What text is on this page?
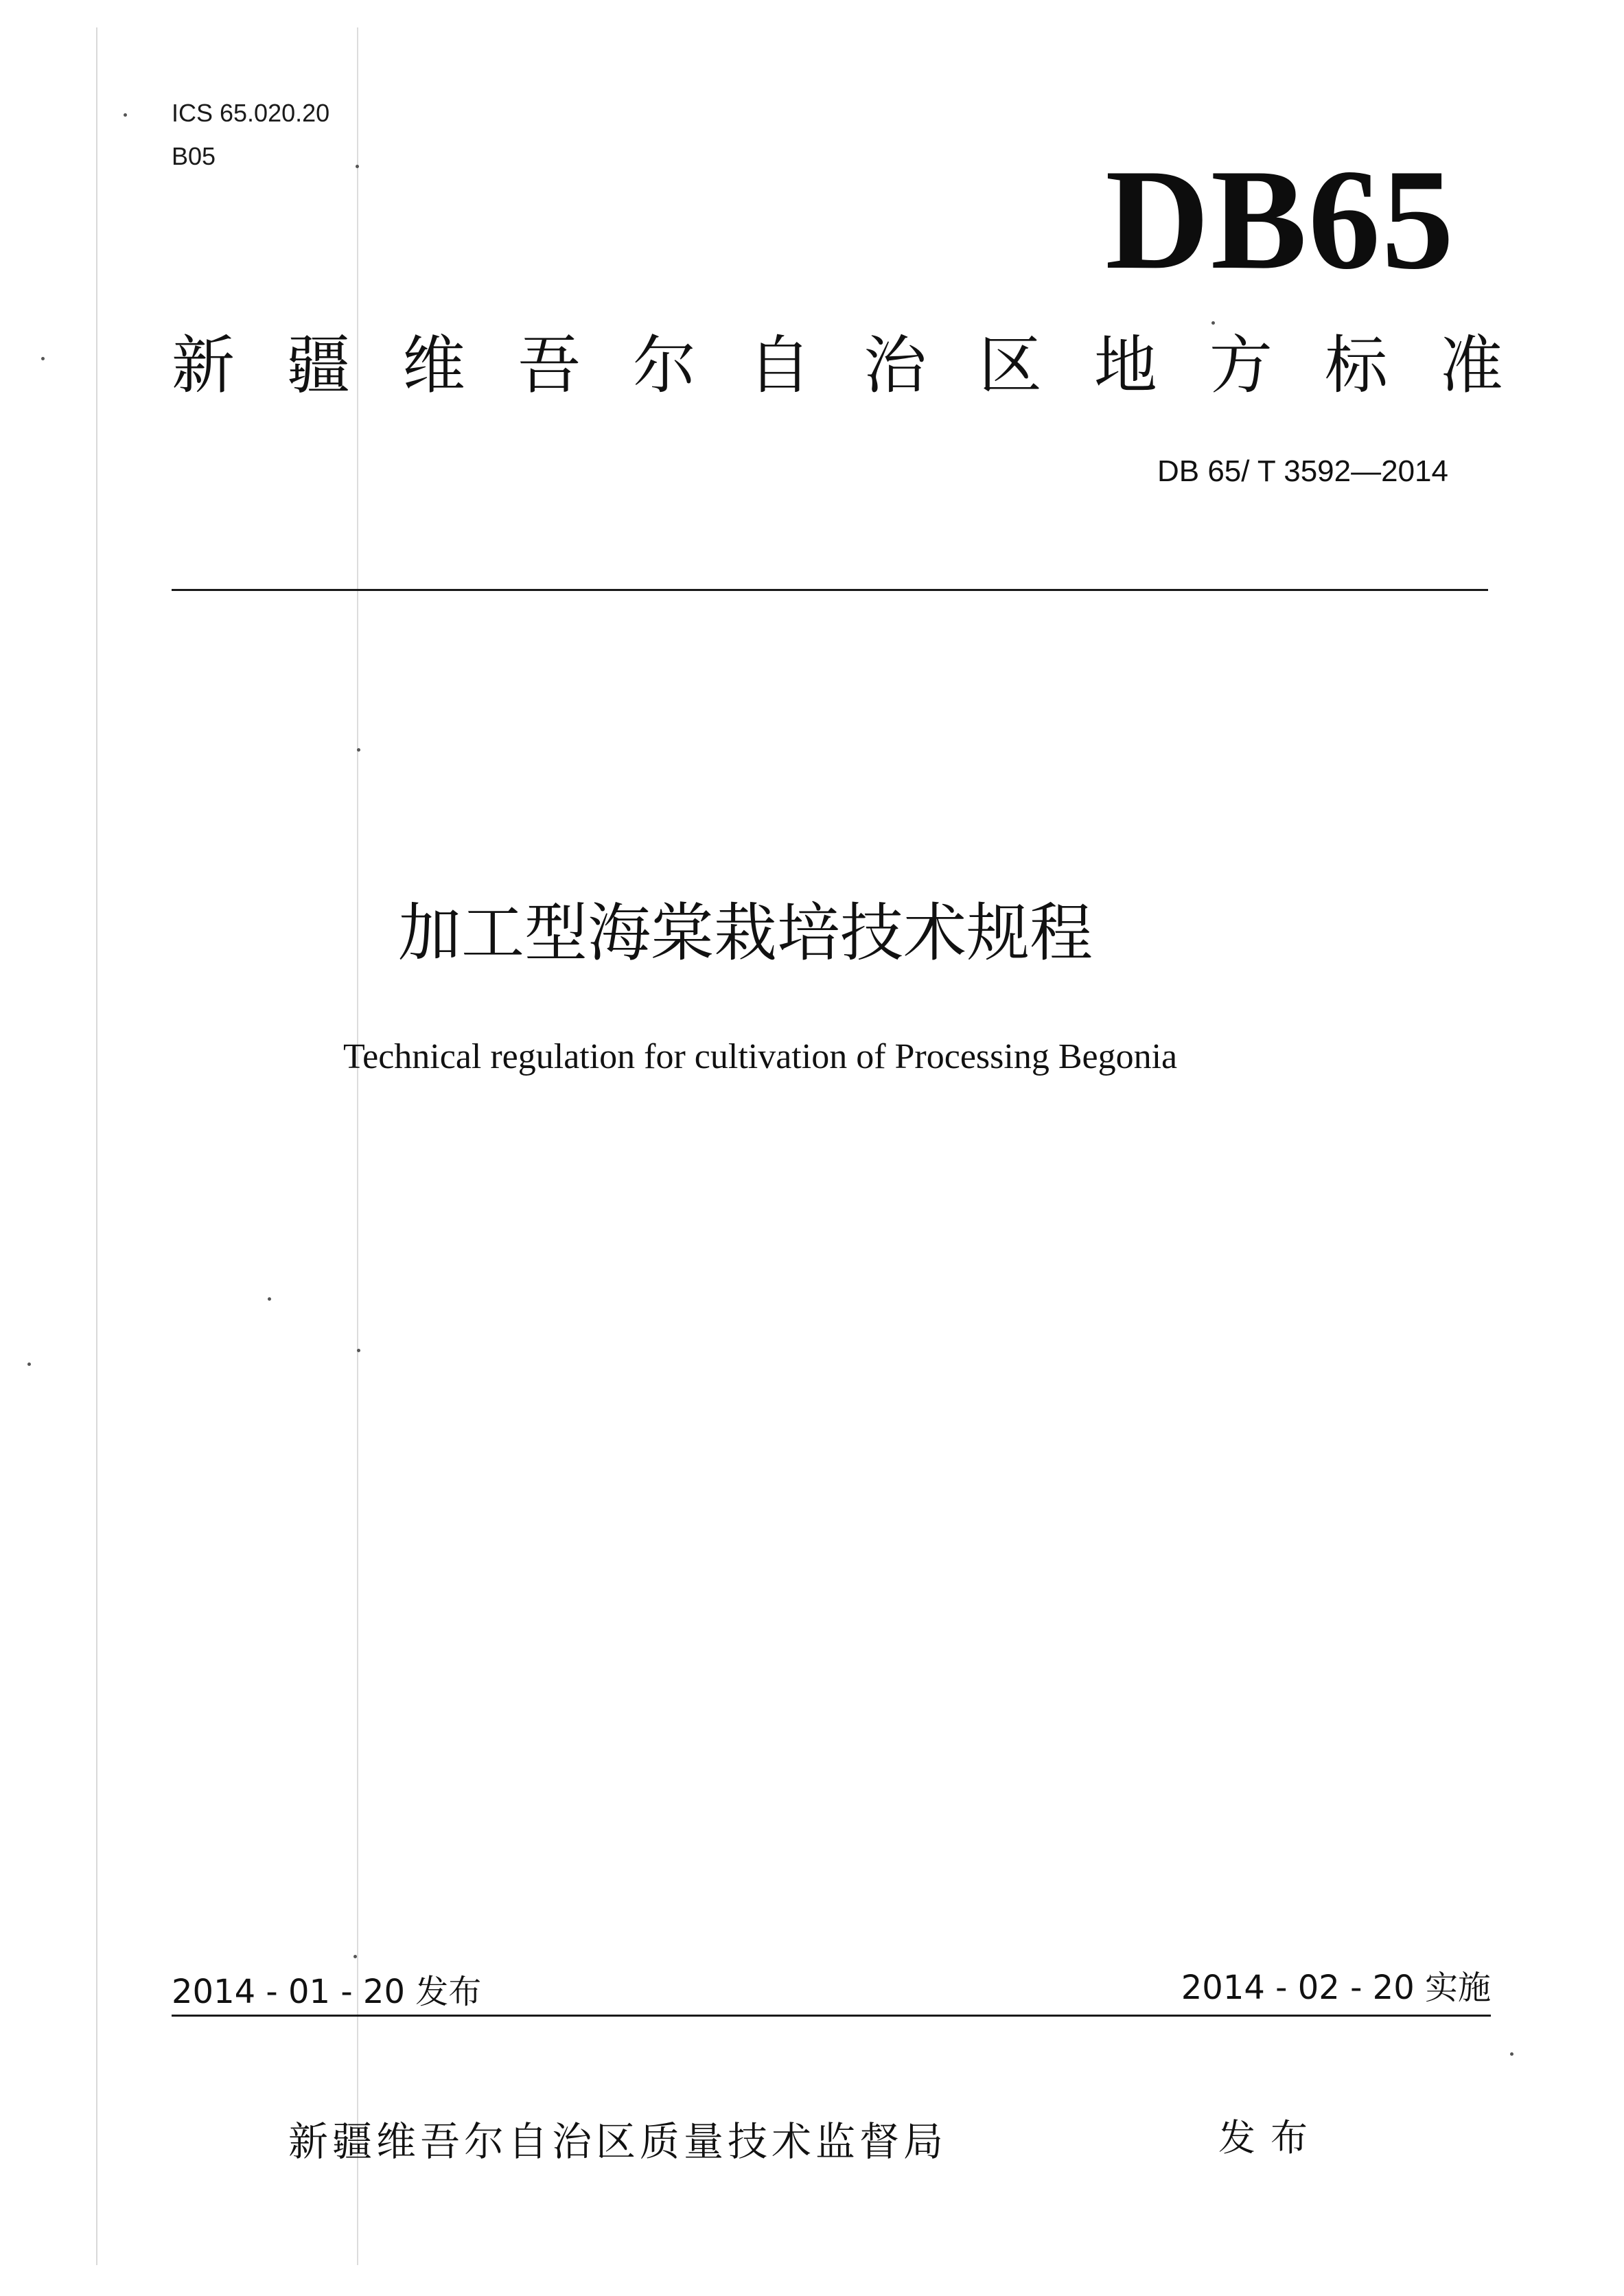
ICS 65.020.20
B05	DB65
新 疆 维 吾 尔 自 治 区 地 方 标 准
DB 65/ T 3592—2014
加工型海棠栽培技术规程
Technical regulation for cultivation of Processing Begonia
2014 - 01 - 20 发布	2014 - 02 - 20 实施
新疆维吾尔自治区质量技术监督局	发布
